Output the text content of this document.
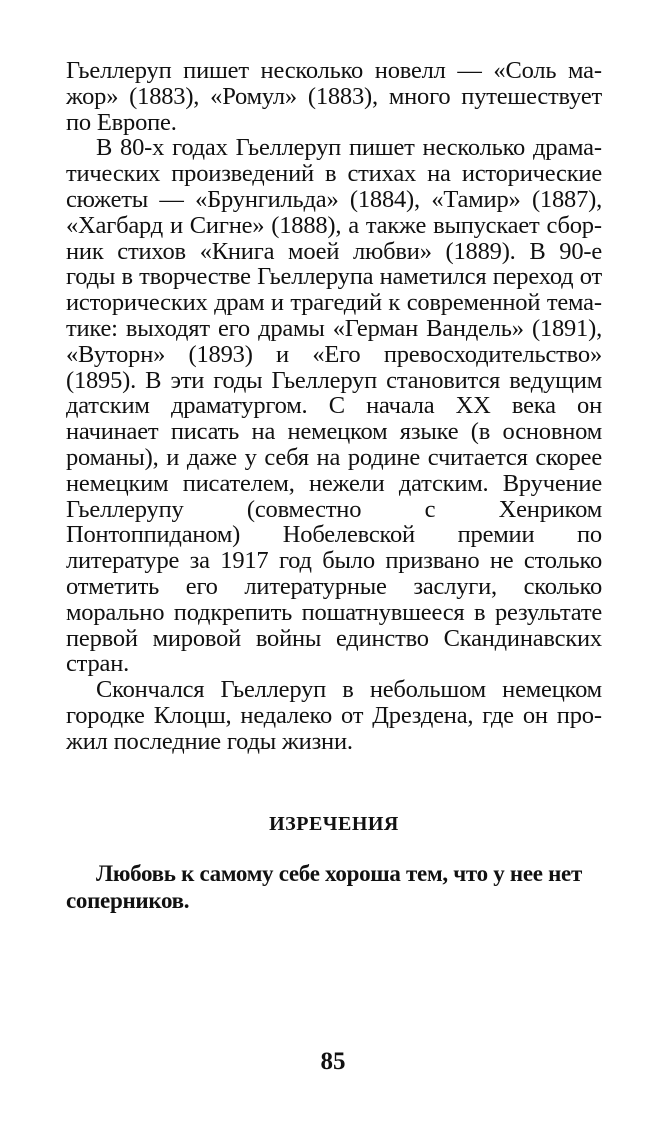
Гьеллеруп пишет несколько новелл — «Соль мажор» (1883), «Ромул» (1883), много путешествует по Европе.

В 80-х годах Гьеллеруп пишет несколько драматических произведений в стихах на исторические сюжеты — «Брунгильда» (1884), «Тамир» (1887), «Хагбард и Сигне» (1888), а также выпускает сборник стихов «Книга моей любви» (1889). В 90-е годы в творчестве Гьеллерупа наметился переход от исторических драм и трагедий к современной тематике: выходят его драмы «Герман Вандель» (1891), «Вуторн» (1893) и «Его превосходительство» (1895). В эти годы Гьеллеруп становится ведущим датским драматургом. С начала XX века он начинает писать на немецком языке (в основном романы), и даже у себя на родине считается скорее немецким писателем, нежели датским. Вручение Гьеллерупу (совместно с Хенриком Понтоппиданом) Нобелевской премии по литературе за 1917 год было призвано не столько отметить его литературные заслуги, сколько морально подкрепить пошатнувшееся в результате первой мировой войны единство Скандинавских стран.

Скончался Гьеллеруп в небольшом немецком городке Клоцш, недалеко от Дрездена, где он прожил последние годы жизни.

ИЗРЕЧЕНИЯ

Любовь к самому себе хороша тем, что у нее нет соперников.

85
